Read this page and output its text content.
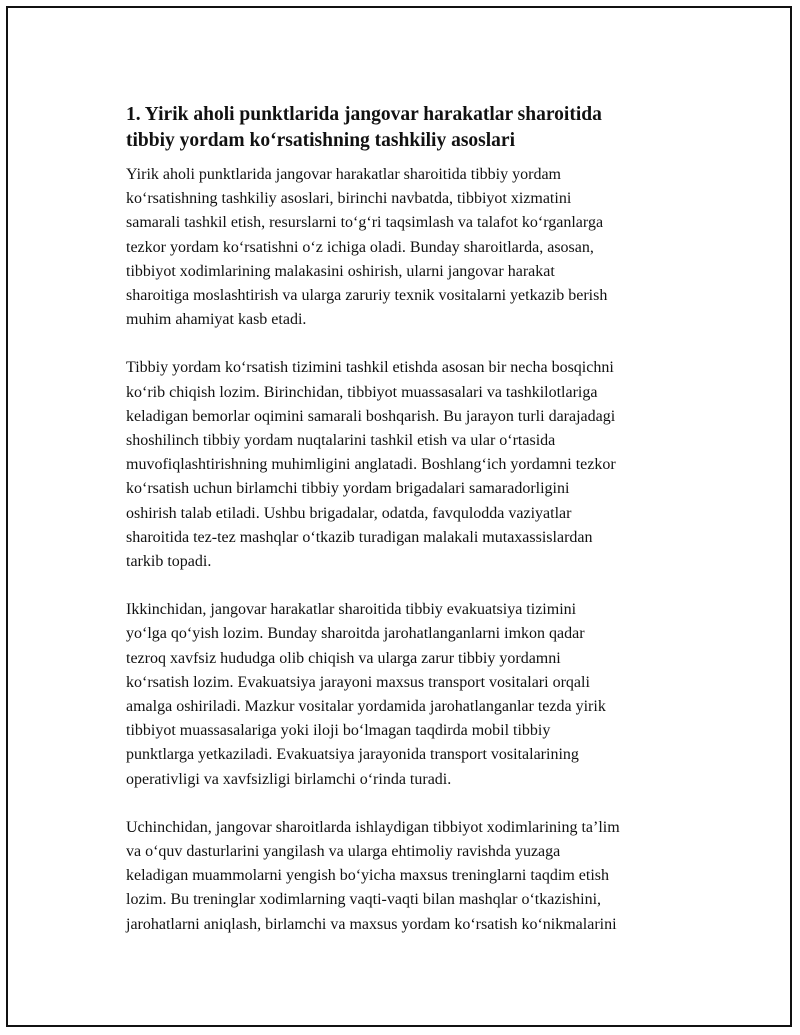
1. Yirik aholi punktlarida jangovar harakatlar sharoitida
tibbiy yordam koʻrsatishning tashkiliy asoslari

Yirik aholi punktlarida jangovar harakatlar sharoitida tibbiy yordam
koʻrsatishning tashkiliy asoslari, birinchi navbatda, tibbiyot xizmatini
samarali tashkil etish, resurslarni toʻgʻri taqsimlash va talafot koʻrganlarga
tezkor yordam koʻrsatishni oʻz ichiga oladi. Bunday sharoitlarda, asosan,
tibbiyot xodimlarining malakasini oshirish, ularni jangovar harakat
sharoitiga moslashtirish va ularga zaruriy texnik vositalarni yetkazib berish
muhim ahamiyat kasb etadi.

Tibbiy yordam koʻrsatish tizimini tashkil etishda asosan bir necha bosqichni
koʻrib chiqish lozim. Birinchidan, tibbiyot muassasalari va tashkilotlariga
keladigan bemorlar oqimini samarali boshqarish. Bu jarayon turli darajadagi
shoshilinch tibbiy yordam nuqtalarini tashkil etish va ular oʻrtasida
muvofiqlashtirishning muhimligini anglatadi. Boshlangʻich yordamni tezkor
koʻrsatish uchun birlamchi tibbiy yordam brigadalari samaradorligini
oshirish talab etiladi. Ushbu brigadalar, odatda, favqulodda vaziyatlar
sharoitida tez-tez mashqlar oʻtkazib turadigan malakali mutaxassislardan
tarkib topadi.

Ikkinchidan, jangovar harakatlar sharoitida tibbiy evakuatsiya tizimini
yoʻlga qoʻyish lozim. Bunday sharoitda jarohatlanganlarni imkon qadar
tezroq xavfsiz hududga olib chiqish va ularga zarur tibbiy yordamni
koʻrsatish lozim. Evakuatsiya jarayoni maxsus transport vositalari orqali
amalga oshiriladi. Mazkur vositalar yordamida jarohatlanganlar tezda yirik
tibbiyot muassasalariga yoki iloji boʻlmagan taqdirda mobil tibbiy
punktlarga yetkaziladi. Evakuatsiya jarayonida transport vositalarining
operativligi va xavfsizligi birlamchi oʻrinda turadi.

Uchinchidan, jangovar sharoitlarda ishlaydigan tibbiyot xodimlarining taʼlim
va oʻquv dasturlarini yangilash va ularga ehtimoliy ravishda yuzaga
keladigan muammolarni yengish boʻyicha maxsus treninglarni taqdim etish
lozim. Bu treninglar xodimlarning vaqti-vaqti bilan mashqlar oʻtkazishini,
jarohatlarni aniqlash, birlamchi va maxsus yordam koʻrsatish koʻnikmalarini
